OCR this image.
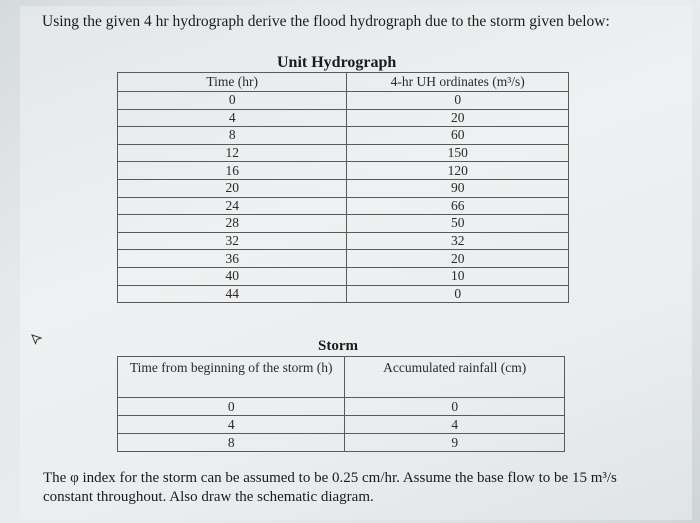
Using the given 4 hr hydrograph derive the flood hydrograph due to the storm given below:
Unit Hydrograph
Time (hr)	4-hr UH ordinates (m³/s)
0	0
4	20
8	60
12	150
16	120
20	90
24	66
28	50
32	32
36	20
40	10
44	0
Storm
Time from beginning of the storm (h)	Accumulated rainfall (cm)
0	0
4	4
8	9
The φ index for the storm can be assumed to be 0.25 cm/hr. Assume the base flow to be 15 m³/s constant throughout. Also draw the schematic diagram.
